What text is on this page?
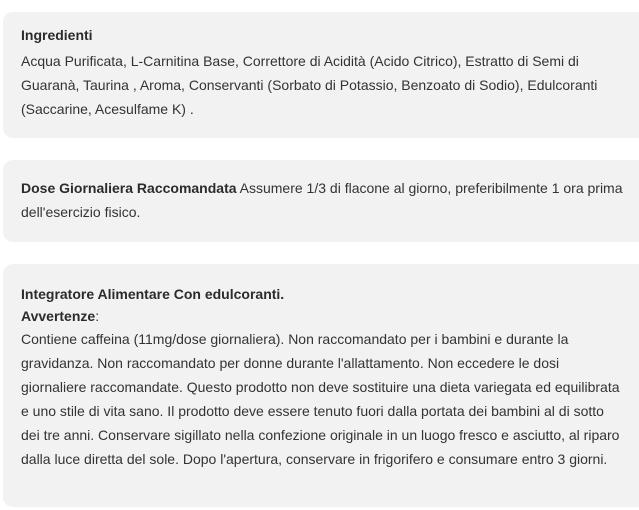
Ingredienti
Acqua Purificata, L-Carnitina Base, Correttore di Acidità (Acido Citrico), Estratto di Semi di Guaranà, Taurina , Aroma, Conservanti (Sorbato di Potassio, Benzoato di Sodio), Edulcoranti (Saccarine, Acesulfame K) .
Dose Giornaliera Raccomandata Assumere 1/3 di flacone al giorno, preferibilmente 1 ora prima dell'esercizio fisico.
Integratore Alimentare Con edulcoranti.
Avvertenze:
Contiene caffeina (11mg/dose giornaliera). Non raccomandato per i bambini e durante la gravidanza. Non raccomandato per donne durante l'allattamento. Non eccedere le dosi giornaliere raccomandate. Questo prodotto non deve sostituire una dieta variegata ed equilibrata e uno stile di vita sano. Il prodotto deve essere tenuto fuori dalla portata dei bambini al di sotto dei tre anni. Conservare sigillato nella confezione originale in un luogo fresco e asciutto, al riparo dalla luce diretta del sole. Dopo l'apertura, conservare in frigorifero e consumare entro 3 giorni.
